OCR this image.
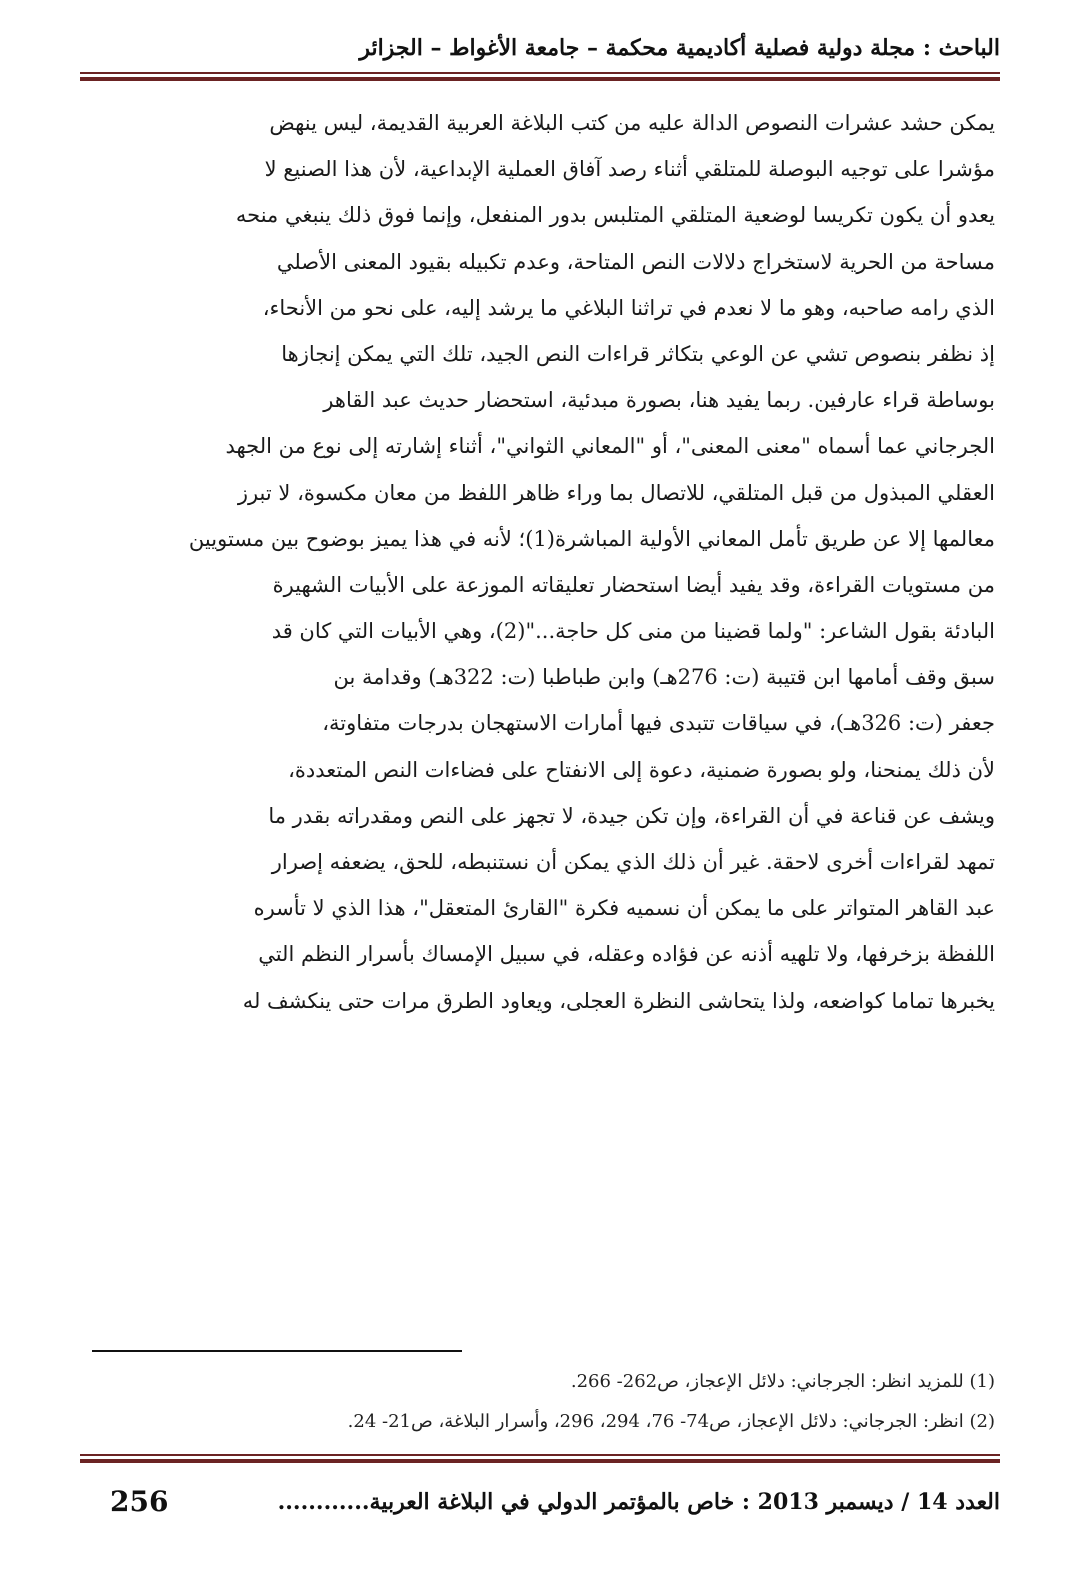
الباحث : مجلة دولية فصلية أكاديمية محكمة – جامعة الأغواط – الجزائر
يمكن حشد عشرات النصوص الدالة عليه من كتب البلاغة العربية القديمة، ليس ينهض
مؤشرا على توجيه البوصلة للمتلقي أثناء رصد آفاق العملية الإبداعية، لأن هذا الصنيع لا
يعدو أن يكون تكريسا لوضعية المتلقي المتلبس بدور المنفعل، وإنما فوق ذلك ينبغي منحه
مساحة من الحرية لاستخراج دلالات النص المتاحة، وعدم تكبيله بقيود المعنى الأصلي
الذي رامه صاحبه، وهو ما لا نعدم في تراثنا البلاغي ما يرشد إليه، على نحو من الأنحاء،
إذ نظفر بنصوص تشي عن الوعي بتكاثر قراءات النص الجيد، تلك التي يمكن إنجازها
بوساطة قراء عارفين. ربما يفيد هنا، بصورة مبدئية، استحضار حديث عبد القاهر
الجرجاني عما أسماه "معنى المعنى"، أو "المعاني الثواني"، أثناء إشارته إلى نوع من الجهد
العقلي المبذول من قبل المتلقي، للاتصال بما وراء ظاهر اللفظ من معان مكسوة، لا تبرز
معالمها إلا عن طريق تأمل المعاني الأولية المباشرة(1)؛ لأنه في هذا يميز بوضوح بين مستويين
من مستويات القراءة، وقد يفيد أيضا استحضار تعليقاته الموزعة على الأبيات الشهيرة
البادئة بقول الشاعر: "ولما قضينا من منى كل حاجة..."(2)، وهي الأبيات التي كان قد
سبق وقف أمامها ابن قتيبة (ت: 276هـ) وابن طباطبا (ت: 322هـ) وقدامة بن
جعفر (ت: 326هـ)، في سياقات تتبدى فيها أمارات الاستهجان بدرجات متفاوتة،
لأن ذلك يمنحنا، ولو بصورة ضمنية، دعوة إلى الانفتاح على فضاءات النص المتعددة،
ويشف عن قناعة في أن القراءة، وإن تكن جيدة، لا تجهز على النص ومقدراته بقدر ما
تمهد لقراءات أخرى لاحقة. غير أن ذلك الذي يمكن أن نستنبطه، للحق، يضعفه إصرار
عبد القاهر المتواتر على ما يمكن أن نسميه فكرة "القارئ المتعقل"، هذا الذي لا تأسره
اللفظة بزخرفها، ولا تلهيه أذنه عن فؤاده وعقله، في سبيل الإمساك بأسرار النظم التي
يخبرها تماما كواضعه، ولذا يتحاشى النظرة العجلى، ويعاود الطرق مرات حتى ينكشف له
(1) للمزيد انظر: الجرجاني: دلائل الإعجاز، ص262- 266.
(2) انظر: الجرجاني: دلائل الإعجاز، ص74- 76، 294، 296، وأسرار البلاغة، ص21- 24.
العدد 14 / ديسمبر 2013 : خاص بالمؤتمر الدولي في البلاغة العربية............
256
